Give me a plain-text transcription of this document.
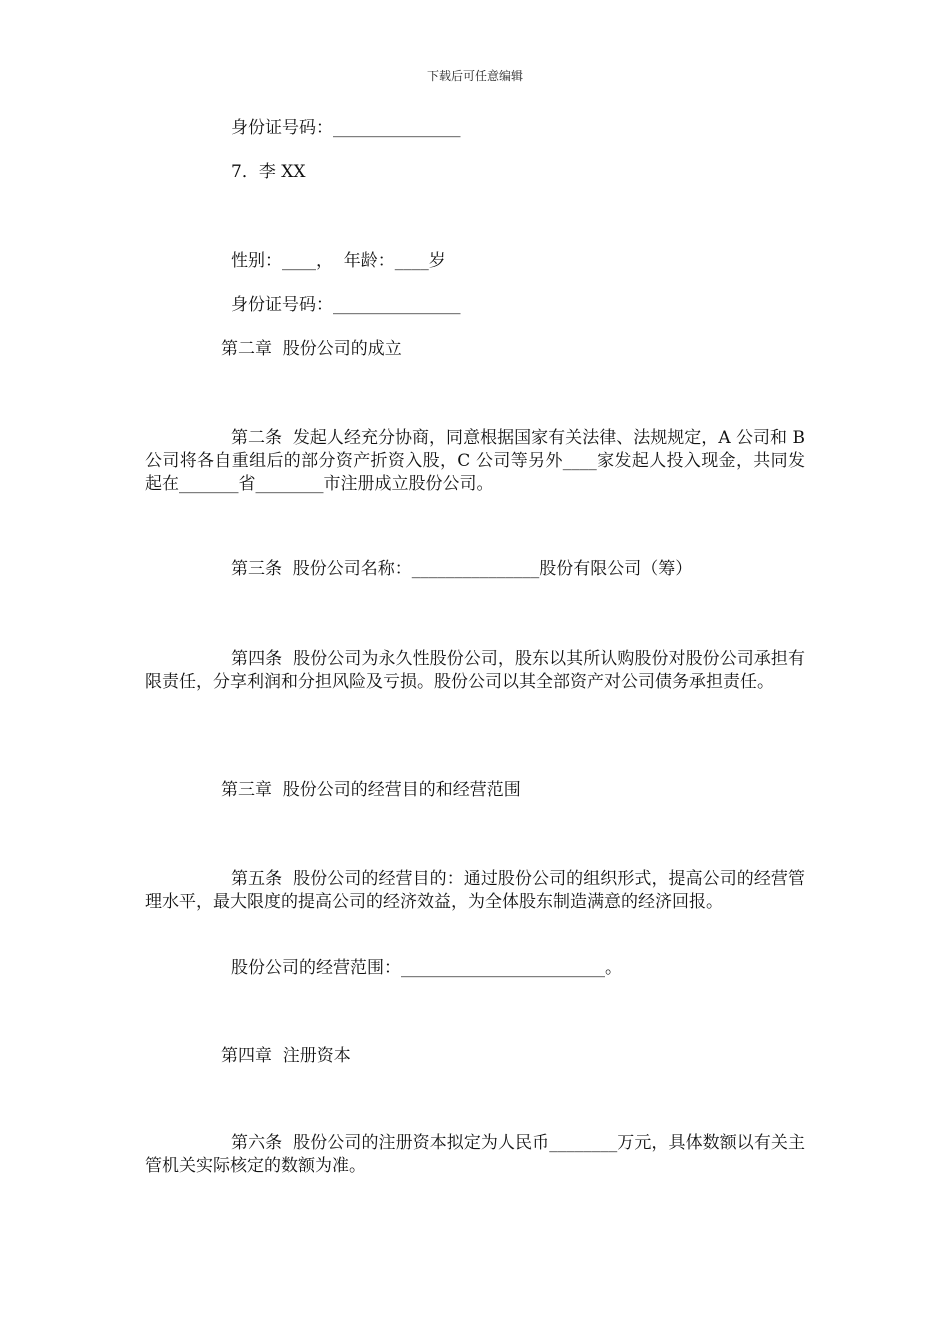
下载后可任意编辑
身份证号码：_______________
7．李 XX
性别：____，  年龄：____岁
身份证号码：_______________
第二章  股份公司的成立
第二条  发起人经充分协商，同意根据国家有关法律、法规规定，A 公司和 B 公司将各自重组后的部分资产折资入股，C 公司等另外____家发起人投入现金，共同发起在_______省________市注册成立股份公司。
第三条  股份公司名称：_______________股份有限公司（筹）
第四条  股份公司为永久性股份公司，股东以其所认购股份对股份公司承担有限责任，分享利润和分担风险及亏损。股份公司以其全部资产对公司债务承担责任。
第三章  股份公司的经营目的和经营范围
第五条  股份公司的经营目的：通过股份公司的组织形式，提高公司的经营管理水平，最大限度的提高公司的经济效益，为全体股东制造满意的经济回报。
股份公司的经营范围：________________________。
第四章  注册资本
第六条  股份公司的注册资本拟定为人民币________万元，具体数额以有关主管机关实际核定的数额为准。
